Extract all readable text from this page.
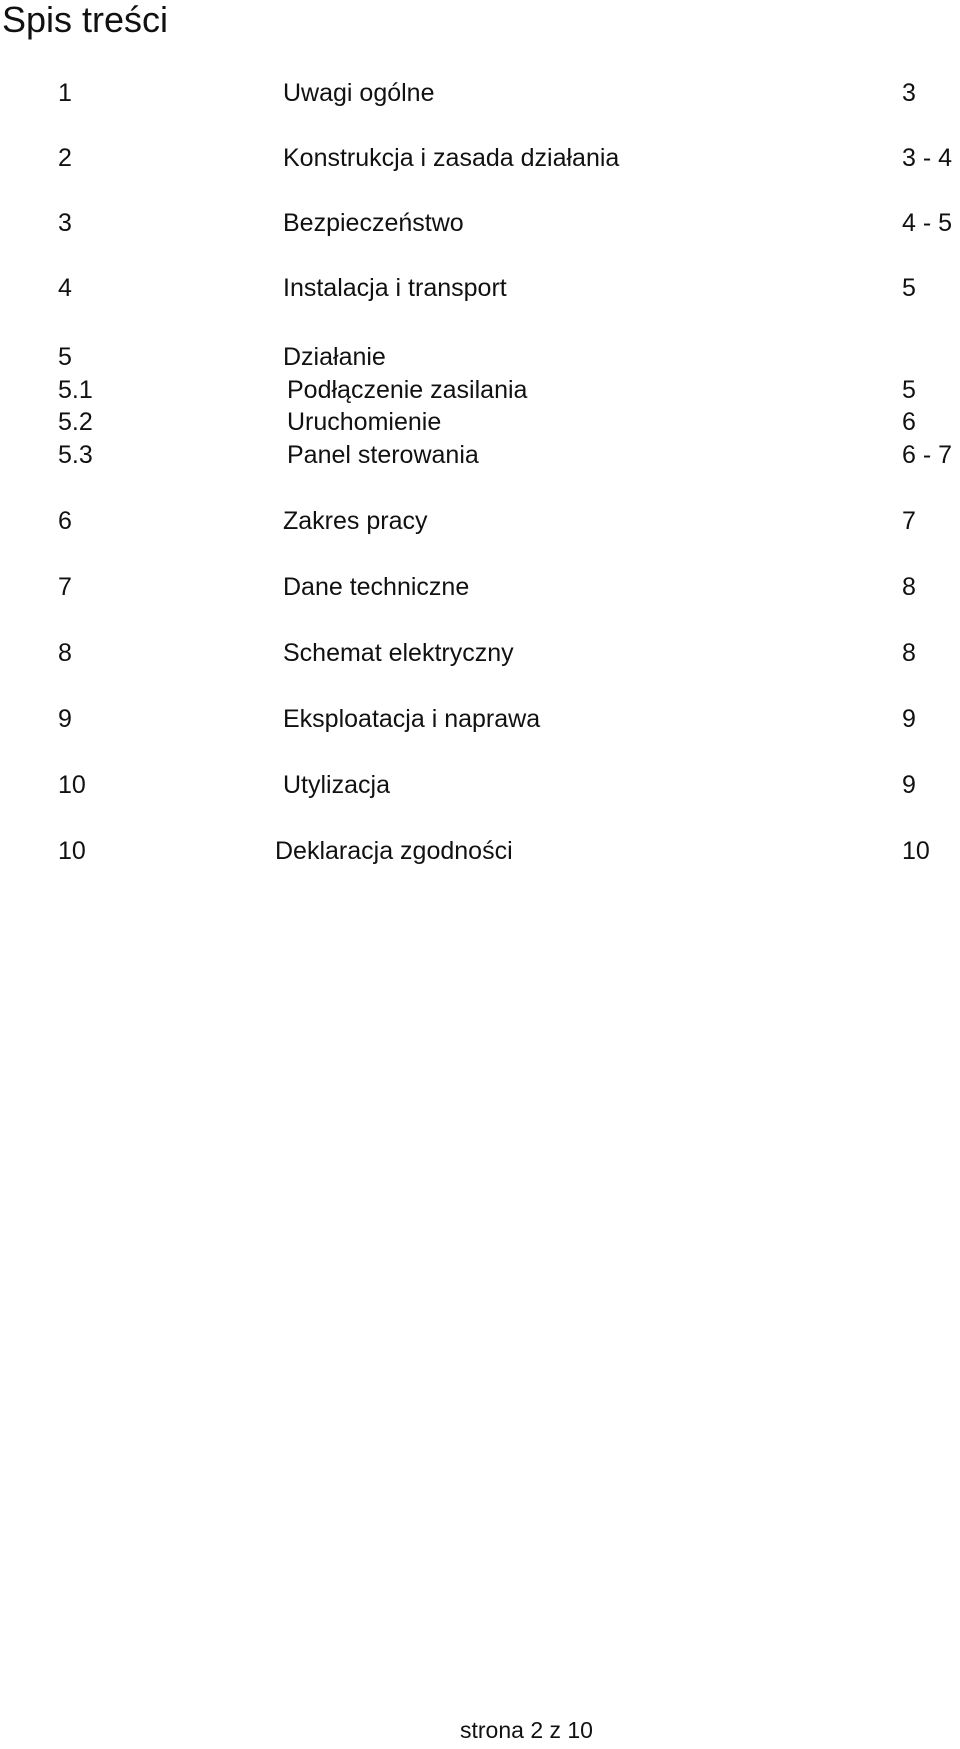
Spis treści
1	Uwagi ogólne	3
2	Konstrukcja i zasada działania	3 - 4
3	Bezpieczeństwo	4 - 5
4	Instalacja i transport	5
5	Działanie
5.1	Podłączenie zasilania	5
5.2	Uruchomienie	6
5.3	Panel sterowania	6 - 7
6	Zakres pracy	7
7	Dane techniczne	8
8	Schemat elektryczny	8
9	Eksploatacja i naprawa	9
10	Utylizacja	9
10	Deklaracja zgodności	10
strona 2 z 10
